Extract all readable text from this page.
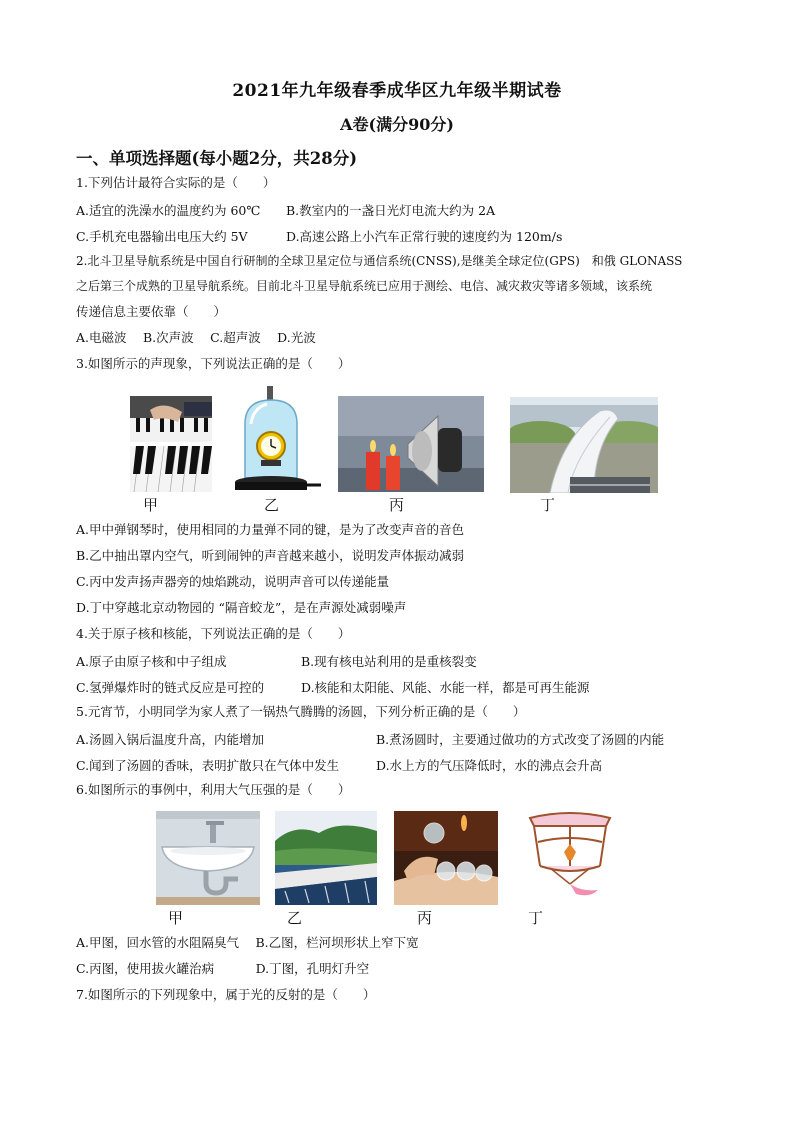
2021年九年级春季成华区九年级半期试卷
A卷(满分90分)
一、单项选择题(每小题2分，共28分)
1.下列估计最符合实际的是（　　）
A.适宜的洗澡水的温度约为 60℃ B.教室内的一盏日光灯电流大约为 2A
C.手机充电器输出电压大约 5V	D.高速公路上小汽车正常行驶的速度约为 120m/s
2.北斗卫星导航系统是中国自行研制的全球卫星定位与通信系统(CNSS),是继美全球定位(GPS)　和俄 GLONASS
之后第三个成熟的卫星导航系统。目前北斗卫星导航系统已应用于测绘、电信、减灾救灾等诸多领域，该系统
传递信息主要依靠（　　）
A.电磁波　 B.次声波　 C.超声波　 D.光波
3.如图所示的声现象，下列说法正确的是（　　）
甲	乙	丙	丁
A.甲中弹钢琴时，使用相同的力量弹不同的键，是为了改变声音的音色
B.乙中抽出罩内空气，听到闹钟的声音越来越小，说明发声体振动减弱
C.丙中发声扬声器旁的烛焰跳动，说明声音可以传递能量
D.丁中穿越北京动物园的 “隔音蛟龙”，是在声源处减弱噪声
4.关于原子核和核能，下列说法正确的是（　　）
A.原子由原子核和中子组成	B.现有核电站利用的是重核裂变
C.氢弹爆炸时的链式反应是可控的	D.核能和太阳能、风能、水能一样，都是可再生能源
5.元宵节，小明同学为家人煮了一锅热气腾腾的汤圆，下列分析正确的是（　　）
A.汤圆入锅后温度升高，内能增加	B.煮汤圆时，主要通过做功的方式改变了汤圆的内能
C.闻到了汤圆的香味，表明扩散只在气体中发生	D.水上方的气压降低时，水的沸点会升高
6.如图所示的事例中，利用大气压强的是（　　）
甲	乙	丙	丁
A.甲图，回水管的水阻隔臭气　 B.乙图，栏河坝形状上窄下宽
C.丙图，使用拔火罐治病　　　 D.丁图，孔明灯升空
7.如图所示的下列现象中，属于光的反射的是（　　）
